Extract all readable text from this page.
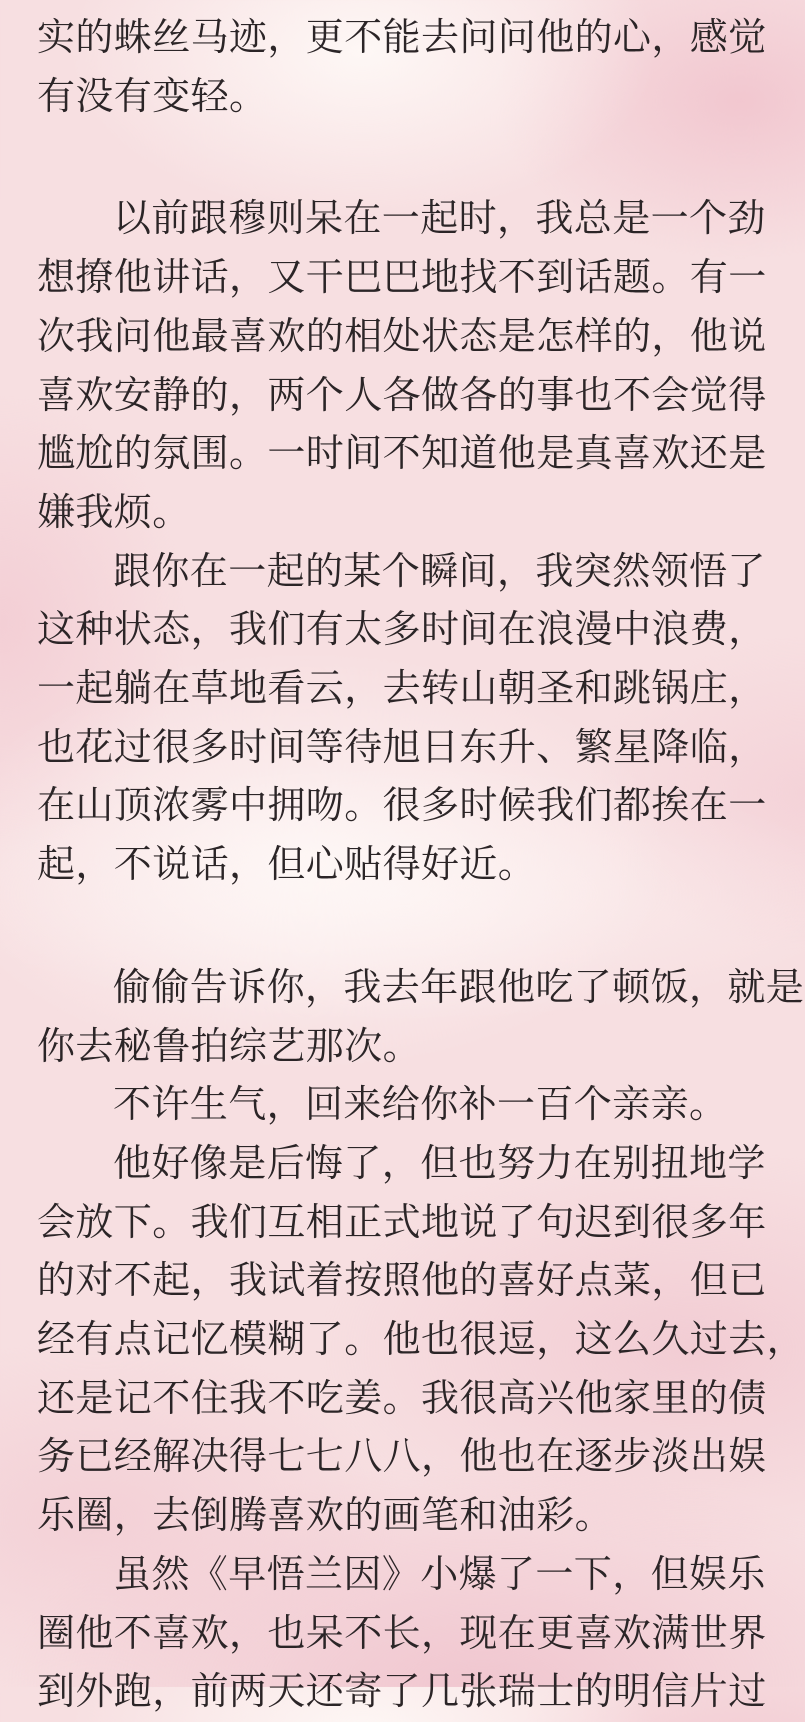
实的蛛丝马迹，更不能去问问他的心，感觉

有没有变轻。

以前跟穆则呆在一起时，我总是一个劲

想撩他讲话，又干巴巴地找不到话题。有一

次我问他最喜欢的相处状态是怎样的，他说

喜欢安静的，两个人各做各的事也不会觉得

尴尬的氛围。一时间不知道他是真喜欢还是

嫌我烦。

跟你在一起的某个瞬间，我突然领悟了

这种状态，我们有太多时间在浪漫中浪费，

一起躺在草地看云，去转山朝圣和跳锅庄，

也花过很多时间等待旭日东升、繁星降临，

在山顶浓雾中拥吻。很多时候我们都挨在一

起，不说话，但心贴得好近。

偷偷告诉你，我去年跟他吃了顿饭，就是

你去秘鲁拍综艺那次。

不许生气，回来给你补一百个亲亲。

他好像是后悔了，但也努力在别扭地学

会放下。我们互相正式地说了句迟到很多年

的对不起，我试着按照他的喜好点菜，但已

经有点记忆模糊了。他也很逗，这么久过去，

还是记不住我不吃姜。我很高兴他家里的债

务已经解决得七七八八，他也在逐步淡出娱

乐圈，去倒腾喜欢的画笔和油彩。

虽然《早悟兰因》小爆了一下，但娱乐

圈他不喜欢，也呆不长，现在更喜欢满世界

到外跑，前两天还寄了几张瑞士的明信片过
